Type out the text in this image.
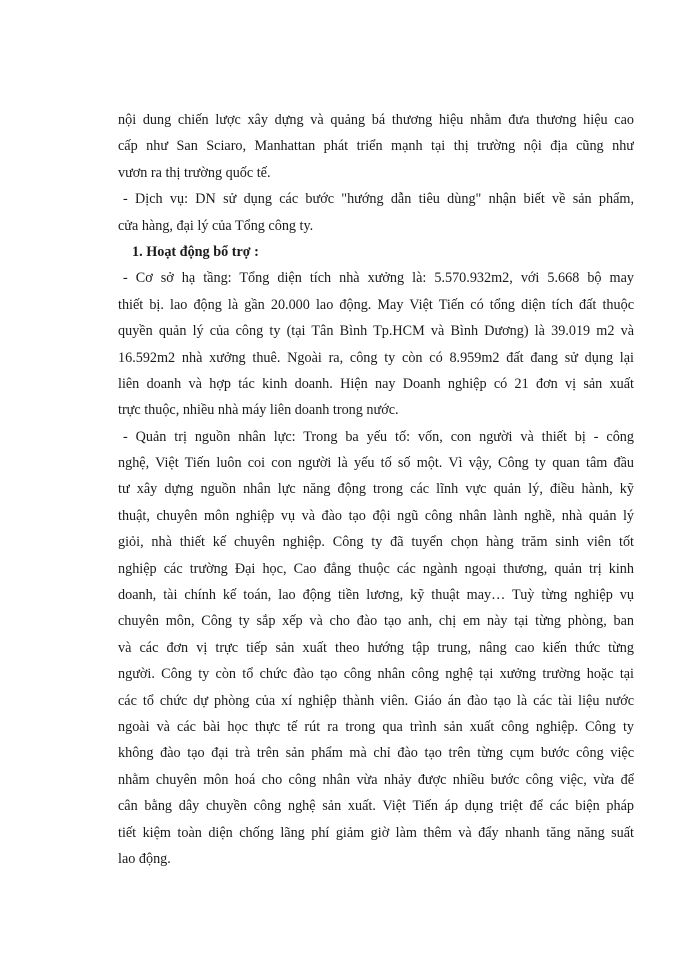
nội dung chiến lược xây dựng và quảng bá thương hiệu nhằm đưa thương hiệu cao
cấp như San Sciaro, Manhattan phát triển mạnh tại thị trường nội địa cũng như
vươn ra thị trường quốc tế.
- Dịch vụ: DN sử dụng các bước "hướng dẫn tiêu dùng" nhận biết về sản phẩm,
cửa hàng, đại lý của Tổng công ty.
1. Hoạt động bổ trợ :
- Cơ sở hạ tầng: Tổng diện tích nhà xưởng là: 5.570.932m2, với 5.668 bộ may
thiết bị. lao động là gần 20.000 lao động. May Việt Tiến có tổng diện tích đất thuộc
quyền quản lý của công ty (tại Tân Bình Tp.HCM và Bình Dương) là 39.019 m2 và
16.592m2 nhà xưởng thuê. Ngoài ra, công ty còn có 8.959m2 đất đang sử dụng lại
liên doanh và hợp tác kinh doanh. Hiện nay Doanh nghiệp có 21 đơn vị sản xuất
trực thuộc, nhiều nhà máy liên doanh trong nước.
- Quản trị nguồn nhân lực: Trong ba yếu tố: vốn, con người và thiết bị - công
nghệ, Việt Tiến luôn coi con người là yếu tố số một. Vì vậy, Công ty quan tâm đầu
tư xây dựng nguồn nhân lực năng động trong các lĩnh vực quản lý, điều hành, kỹ
thuật, chuyên môn nghiệp vụ và đào tạo đội ngũ công nhân lành nghề, nhà quản lý
giỏi, nhà thiết kế chuyên nghiệp. Công ty đã tuyển chọn hàng trăm sinh viên tốt
nghiệp các trường Đại học, Cao đẳng thuộc các ngành ngoại thương, quản trị kinh
doanh, tài chính kế toán, lao động tiền lương, kỹ thuật may… Tuỳ từng nghiệp vụ
chuyên môn, Công ty sắp xếp và cho đào tạo anh, chị em này tại từng phòng, ban
và các đơn vị trực tiếp sản xuất theo hướng tập trung, nâng cao kiến thức từng
người. Công ty còn tổ chức đào tạo công nhân công nghệ tại xưởng trường hoặc tại
các tổ chức dự phòng của xí nghiệp thành viên. Giáo án đào tạo là các tài liệu nước
ngoài và các bài học thực tế rút ra trong qua trình sản xuất công nghiệp. Công ty
không đào tạo đại trà trên sản phẩm mà chỉ đào tạo trên từng cụm bước công việc
nhằm chuyên môn hoá cho công nhân vừa nhảy được nhiều bước công việc, vừa để
cân bằng dây chuyền công nghệ sản xuất. Việt Tiến áp dụng triệt để các biện pháp
tiết kiệm toàn diện chống lãng phí giảm giờ làm thêm và đẩy nhanh tăng năng suất
lao động.
